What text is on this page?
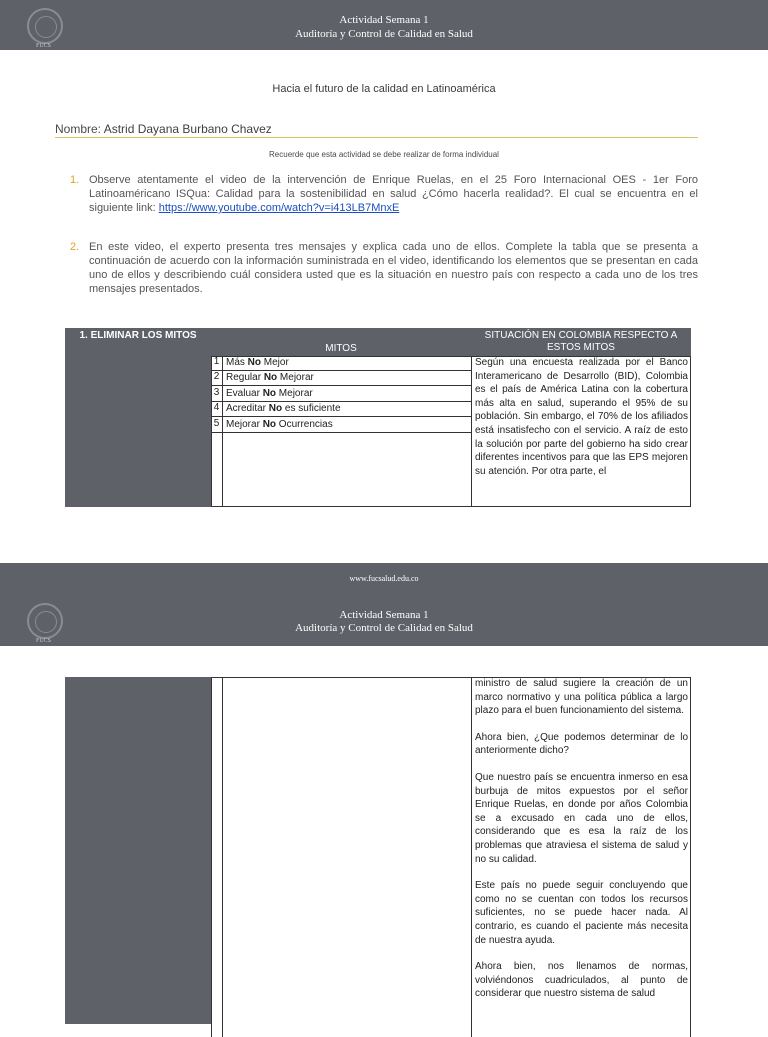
FUCS
Actividad Semana 1
Auditoría y Control de Calidad en Salud
Hacia el futuro de la calidad en Latinoamérica
Nombre: Astrid Dayana Burbano Chavez
Recuerde que esta actividad se debe realizar de forma individual
1. Observe atentamente el video de la intervención de Enrique Ruelas, en el 25 Foro Internacional OES - 1er Foro Latinoaméricano ISQua: Calidad para la sostenibilidad en salud ¿Cómo hacerla realidad?. El cual se encuentra en el siguiente link: https://www.youtube.com/watch?v=i413LB7MnxE
2. En este video, el experto presenta tres mensajes y explica cada uno de ellos. Complete la tabla que se presenta a continuación de acuerdo con la información suministrada en el video, identificando los elementos que se presentan en cada uno de ellos y describiendo cuál considera usted que es la situación en nuestro país con respecto a cada uno de los tres mensajes presentados.
1. ELIMINAR LOS MITOS
MITOS
SITUACIÓN EN COLOMBIA RESPECTO A ESTOS MITOS
1 Más No Mejor
2 Regular No Mejorar
3 Evaluar No Mejorar
4 Acreditar No es suficiente
5 Mejorar No Ocurrencias
Según una encuesta realizada por el Banco Interamericano de Desarrollo (BID), Colombia es el país de América Latina con la cobertura más alta en salud, superando el 95% de su población. Sin embargo, el 70% de los afiliados está insatisfecho con el servicio. A raíz de esto la solución por parte del gobierno ha sido crear diferentes incentivos para que las EPS mejoren su atención. Por otra parte, el
www.fucsalud.edu.co
FUCS
Actividad Semana 1
Auditoría y Control de Calidad en Salud

ministro de salud sugiere la creación de un marco normativo y una política pública a largo plazo para el buen funcionamiento del sistema.

Ahora bien, ¿Que podemos determinar de lo anteriormente dicho?

Que nuestro país se encuentra inmerso en esa burbuja de mitos expuestos por el señor Enrique Ruelas, en donde por años Colombia se a excusado en cada uno de ellos, considerando que es esa la raíz de los problemas que atraviesa el sistema de salud y no su calidad.

Este país no puede seguir concluyendo que como no se cuentan con todos los recursos suficientes, no se puede hacer nada. Al contrario, es cuando el paciente más necesita de nuestra ayuda.

Ahora bien, nos llenamos de normas, volviéndonos cuadriculados, al punto de considerar que nuestro sistema de salud
